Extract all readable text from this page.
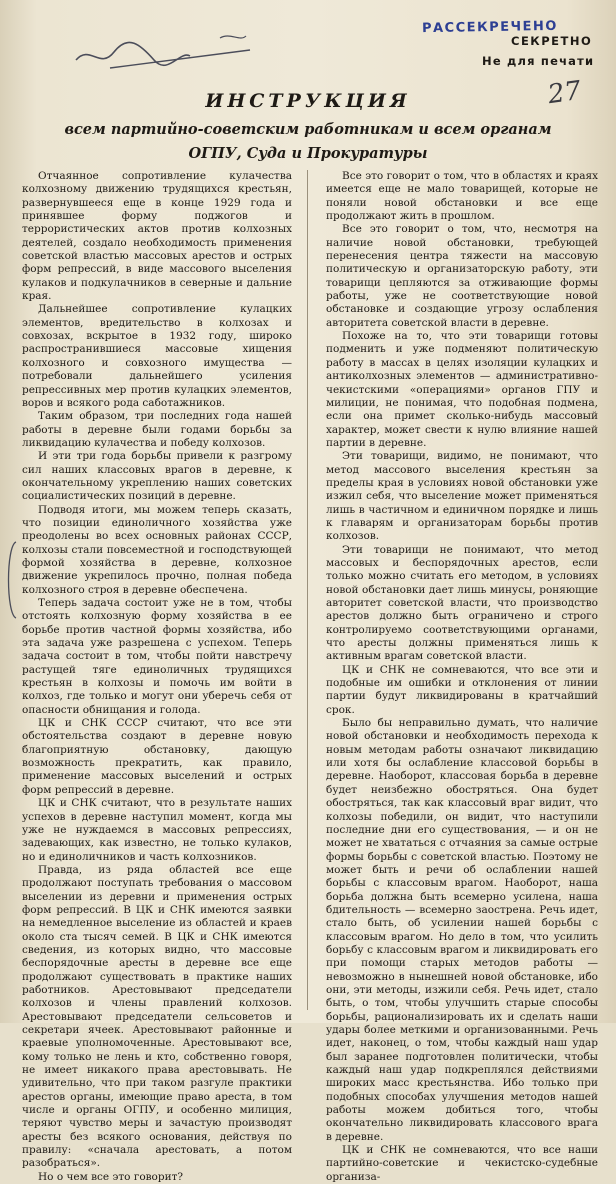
РАССЕКРЕЧЕНО
СЕКРЕТНО
Не для печати
27
ИНСТРУКЦИЯ
всем партийно-советским работникам и всем органам ОГПУ, Суда и Прокуратуры

Отчаянное сопротивление кулачества колхозному движению трудящихся крестьян, развернувшееся еще в конце 1929 года и принявшее форму поджогов и террористических актов против колхозных деятелей, создало необходимость применения советской властью массовых арестов и острых форм репрессий, в виде массового выселения кулаков и подкулачников в северные и дальние края.

Дальнейшее сопротивление кулацких элементов, вредительство в колхозах и совхозах, вскрытое в 1932 году, широко распространившиеся массовые хищения колхозного и совхозного имущества — потребовали дальнейшего усиления репрессивных мер против кулацких элементов, воров и всякого рода саботажников.

Таким образом, три последних года нашей работы в деревне были годами борьбы за ликвидацию кулачества и победу колхозов.

И эти три года борьбы привели к разгрому сил наших классовых врагов в деревне, к окончательному укреплению наших советских социалистических позиций в деревне.

Подводя итоги, мы можем теперь сказать, что позиции единоличного хозяйства уже преодолены во всех основных районах СССР, колхозы стали повсеместной и господствующей формой хозяйства в деревне, колхозное движение укрепилось прочно, полная победа колхозного строя в деревне обеспечена.

Теперь задача состоит уже не в том, чтобы отстоять колхозную форму хозяйства в ее борьбе против частной формы хозяйства, ибо эта задача уже разрешена с успехом. Теперь задача состоит в том, чтобы пойти навстречу растущей тяге единоличных трудящихся крестьян в колхозы и помочь им войти в колхоз, где только и могут они уберечь себя от опасности обнищания и голода.

ЦК и СНК СССР считают, что все эти обстоятельства создают в деревне новую благоприятную обстановку, дающую возможность прекратить, как правило, применение массовых выселений и острых форм репрессий в деревне.

ЦК и СНК считают, что в результате наших успехов в деревне наступил момент, когда мы уже не нуждаемся в массовых репрессиях, задевающих, как известно, не только кулаков, но и единоличников и часть колхозников.

Правда, из ряда областей все еще продолжают поступать требования о массовом выселении из деревни и применения острых форм репрессий. В ЦК и СНК имеются заявки на немедленное выселение из областей и краев около ста тысяч семей. В ЦК и СНК имеются сведения, из которых видно, что массовые беспорядочные аресты в деревне все еще продолжают существовать в практике наших работников. Арестовывают председатели колхозов и члены правлений колхозов. Арестовывают председатели сельсоветов и секретари ячеек. Арестовывают районные и краевые уполномоченные. Арестовывают все, кому только не лень и кто, собственно говоря, не имеет никакого права арестовывать. Не удивительно, что при таком разгуле практики арестов органы, имеющие право ареста, в том числе и органы ОГПУ, и особенно милиция, теряют чувство меры и зачастую производят аресты без всякого основания, действуя по правилу: «сначала арестовать, а потом разобраться».

Но о чем все это говорит?

Все это говорит о том, что в областях и краях имеется еще не мало товарищей, которые не поняли новой обстановки и все еще продолжают жить в прошлом.

Все это говорит о том, что, несмотря на наличие новой обстановки, требующей перенесения центра тяжести на массовую политическую и организаторскую работу, эти товарищи цепляются за отживающие формы работы, уже не соответствующие новой обстановке и создающие угрозу ослабления авторитета советской власти в деревне.

Похоже на то, что эти товарищи готовы подменить и уже подменяют политическую работу в массах в целях изоляции кулацких и антиколхозных элементов — административно-чекистскими «операциями» органов ГПУ и милиции, не понимая, что подобная подмена, если она примет сколько-нибудь массовый характер, может свести к нулю влияние нашей партии в деревне.

Эти товарищи, видимо, не понимают, что метод массового выселения крестьян за пределы края в условиях новой обстановки уже изжил себя, что выселение может применяться лишь в частичном и единичном порядке и лишь к главарям и организаторам борьбы против колхозов.

Эти товарищи не понимают, что метод массовых и беспорядочных арестов, если только можно считать его методом, в условиях новой обстановки дает лишь минусы, роняющие авторитет советской власти, что производство арестов должно быть ограничено и строго контролируемо соответствующими органами, что аресты должны применяться лишь к активным врагам советской власти.

ЦК и СНК не сомневаются, что все эти и подобные им ошибки и отклонения от линии партии будут ликвидированы в кратчайший срок.

Было бы неправильно думать, что наличие новой обстановки и необходимость перехода к новым методам работы означают ликвидацию или хотя бы ослабление классовой борьбы в деревне. Наоборот, классовая борьба в деревне будет неизбежно обостряться. Она будет обостряться, так как классовый враг видит, что колхозы победили, он видит, что наступили последние дни его существования, — и он не может не хвататься с отчаяния за самые острые формы борьбы с советской властью. Поэтому не может быть и речи об ослаблении нашей борьбы с классовым врагом. Наоборот, наша борьба должна быть всемерно усилена, наша бдительность — всемерно заострена. Речь идет, стало быть, об усилении нашей борьбы с классовым врагом. Но дело в том, что усилить борьбу с классовым врагом и ликвидировать его при помощи старых методов работы — невозможно в нынешней новой обстановке, ибо они, эти методы, изжили себя. Речь идет, стало быть, о том, чтобы улучшить старые способы борьбы, рационализировать их и сделать наши удары более меткими и организованными. Речь идет, наконец, о том, чтобы каждый наш удар был заранее подготовлен политически, чтобы каждый наш удар подкреплялся действиями широких масс крестьянства. Ибо только при подобных способах улучшения методов нашей работы можем добиться того, чтобы окончательно ликвидировать классового врага в деревне.

ЦК и СНК не сомневаются, что все наши партийно-советские и чекистско-судебные организа-
